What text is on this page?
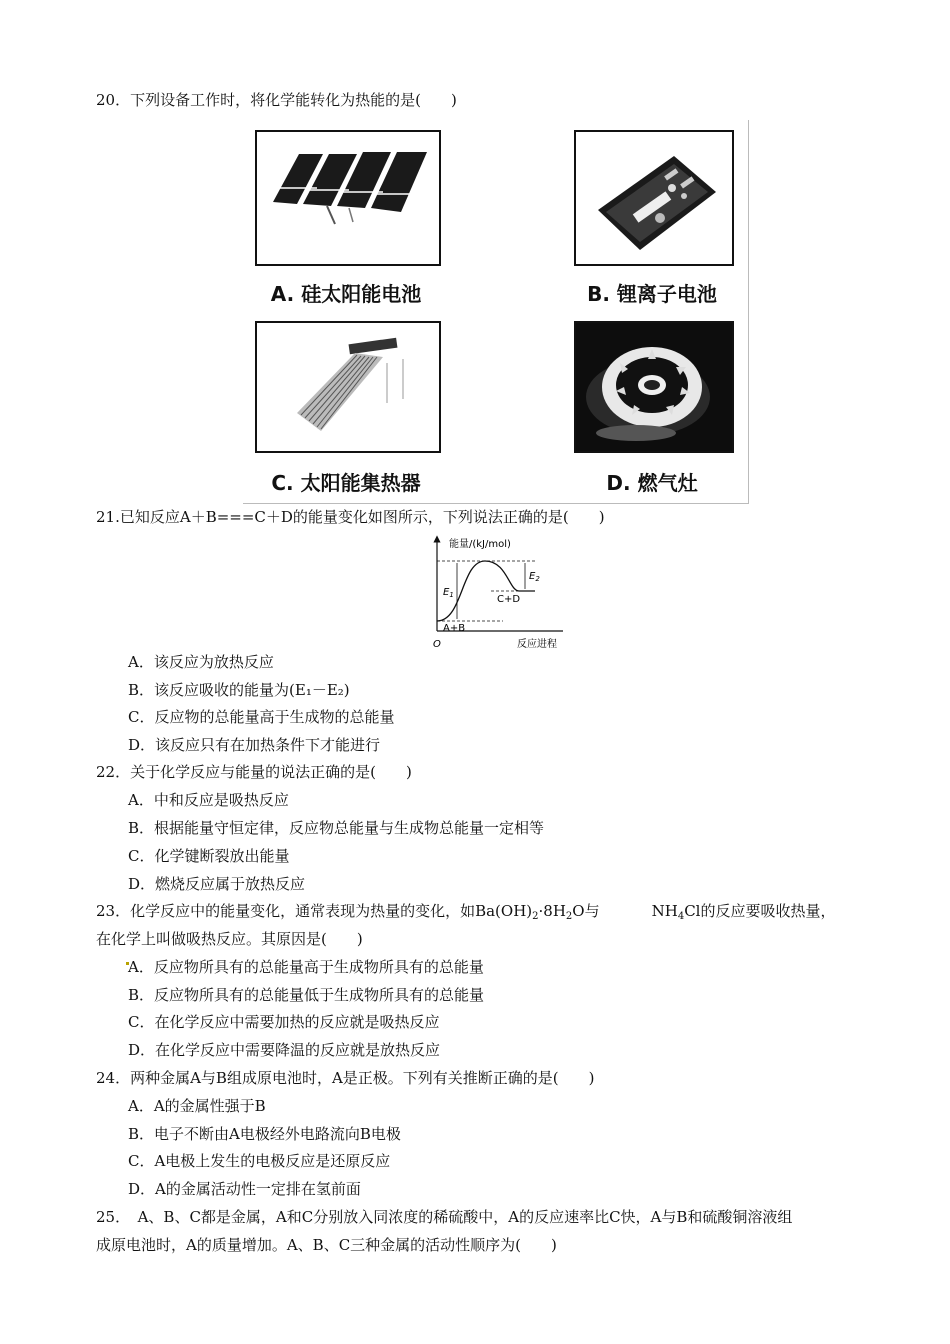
20．下列设备工作时，将化学能转化为热能的是(　　)
A. 硅太阳能电池	B. 锂离子电池
C. 太阳能集热器	D. 燃气灶
21.已知反应A＋B===C＋D的能量变化如图所示，下列说法正确的是(　　)
能量/(kJ/mol)
反应进程
O
$E_1$
$E_2$
C+D
A+B
A．该反应为放热反应
B．该反应吸收的能量为(E₁－E₂)
C．反应物的总能量高于生成物的总能量
D．该反应只有在加热条件下才能进行
22．关于化学反应与能量的说法正确的是(　　)
A．中和反应是吸热反应
B．根据能量守恒定律，反应物总能量与生成物总能量一定相等
C．化学键断裂放出能量
D．燃烧反应属于放热反应
23．化学反应中的能量变化，通常表现为热量的变化，如$Ba(OH)_2\cdot 8H_2O$与	$NH_4Cl$的反应要吸收热量，
在化学上叫做吸热反应。其原因是(　　)
A．反应物所具有的总能量高于生成物所具有的总能量
B．反应物所具有的总能量低于生成物所具有的总能量
C．在化学反应中需要加热的反应就是吸热反应
D．在化学反应中需要降温的反应就是放热反应
24．两种金属A与B组成原电池时，A是正极。下列有关推断正确的是(　　)
A．A的金属性强于B
B．电子不断由A电极经外电路流向B电极
C．A电极上发生的电极反应是还原反应
D．A的金属活动性一定排在氢前面
25．　A、B、C都是金属，A和C分别放入同浓度的稀硫酸中，A的反应速率比C快，A与B和硫酸铜溶液组
成原电池时，A的质量增加。A、B、C三种金属的活动性顺序为(　　)
